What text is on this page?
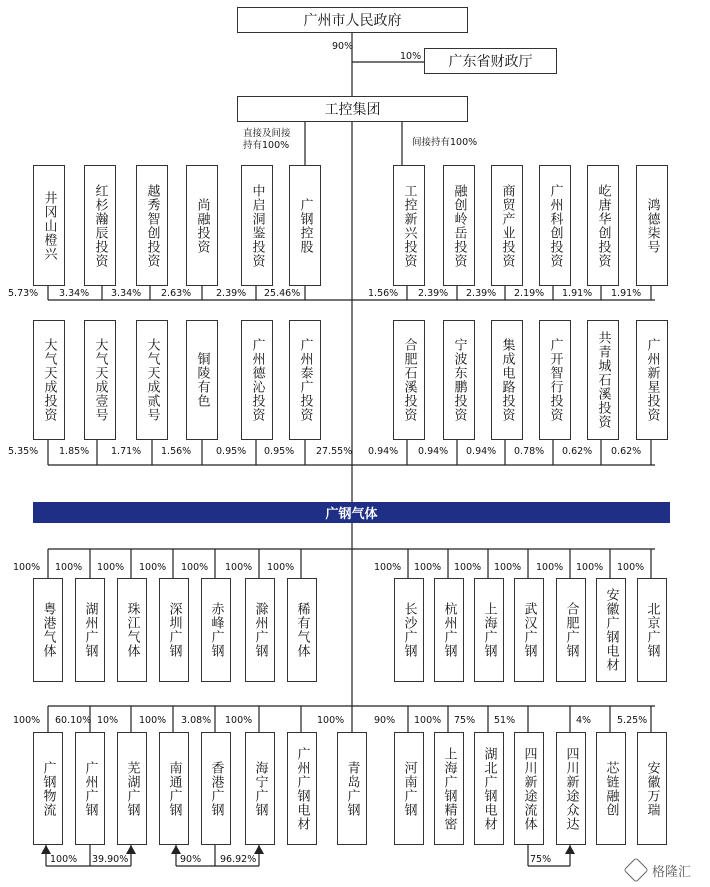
广州市人民政府
90%
10% 广东省财政厅
工控集团
直接及间接
持有100%	间接持有100%
井冈山橙兴
5.73%
红杉瀚辰投资
3.34%
越秀智创投资
3.34%
尚融投资
2.63%
中启洞鉴投资
2.39%
广钢控股
25.46%
工控新兴投资
1.56%
融创岭岳投资
2.39%
商贸产业投资
2.39%
广州科创投资
2.19%
屹唐华创投资
1.91%
鸿德柒号
1.91%
大气天成投资
5.35%
大气天成壹号
1.85%
大气天成贰号
1.71%
铜陵有色
1.56%
广州德沁投资
0.95%
广州泰广投资
0.95%
合肥石溪投资
0.94%
宁波东鹏投资
0.94%
集成电路投资
0.94%
广开智行投资
0.78%
共青城石溪投资
0.62%
广州新星投资
0.62%
粤港气体
100%
湖州广钢
100%
珠江气体
100%
深圳广钢
100%
赤峰广钢
100%
滁州广钢
100%
稀有气体
100%
长沙广钢
100%
杭州广钢
100%
上海广钢
100%
武汉广钢
100%
合肥广钢
100%
安徽广钢电材
100%
北京广钢
100%
广钢物流
100%
广州广钢
60.10%
芜湖广钢
10%
南通广钢
100%
香港广钢
3.08%
海宁广钢
100%
广州广钢电材	青岛广钢
100%
河南广钢
90%
上海广钢精密
100%
湖北广钢电材
75%
四川新途流体
51%
四川新途众达 芯链融创
4%
安徽万瑞
5.25%
27.55%
广钢气体
100% 39.90%	90% 96.92%	75%
格隆汇
